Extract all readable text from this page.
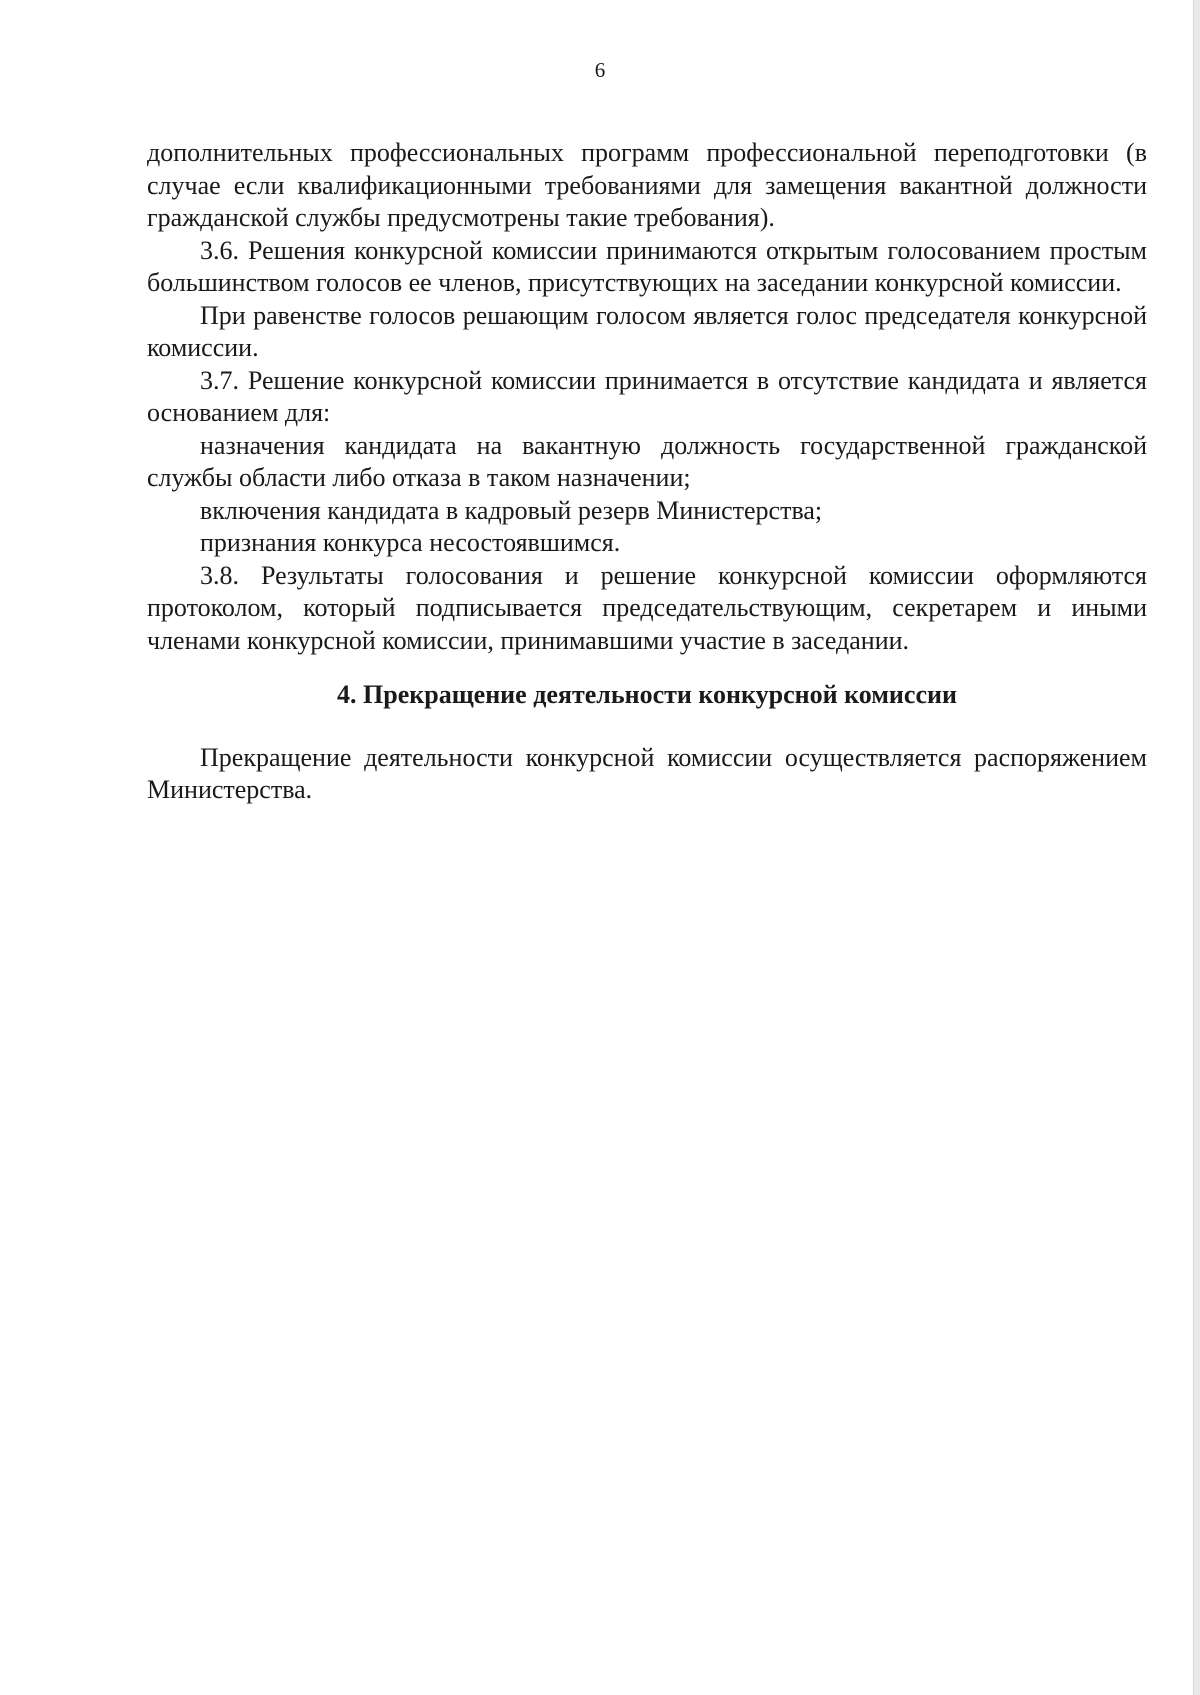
6

дополнительных профессиональных программ профессиональной переподготовки (в случае если квалификационными требованиями для замещения вакантной должности гражданской службы предусмотрены такие требования).

3.6. Решения конкурсной комиссии принимаются открытым голосованием простым большинством голосов ее членов, присутствующих на заседании конкурсной комиссии.

При равенстве голосов решающим голосом является голос председателя конкурсной комиссии.

3.7. Решение конкурсной комиссии принимается в отсутствие кандидата и является основанием для:

назначения кандидата на вакантную должность государственной гражданской службы области либо отказа в таком назначении;

включения кандидата в кадровый резерв Министерства;

признания конкурса несостоявшимся.

3.8. Результаты голосования и решение конкурсной комиссии оформляются протоколом, который подписывается председательствующим, секретарем и иными членами конкурсной комиссии, принимавшими участие в заседании.

4. Прекращение деятельности конкурсной комиссии

Прекращение деятельности конкурсной комиссии осуществляется распоряжением Министерства.
